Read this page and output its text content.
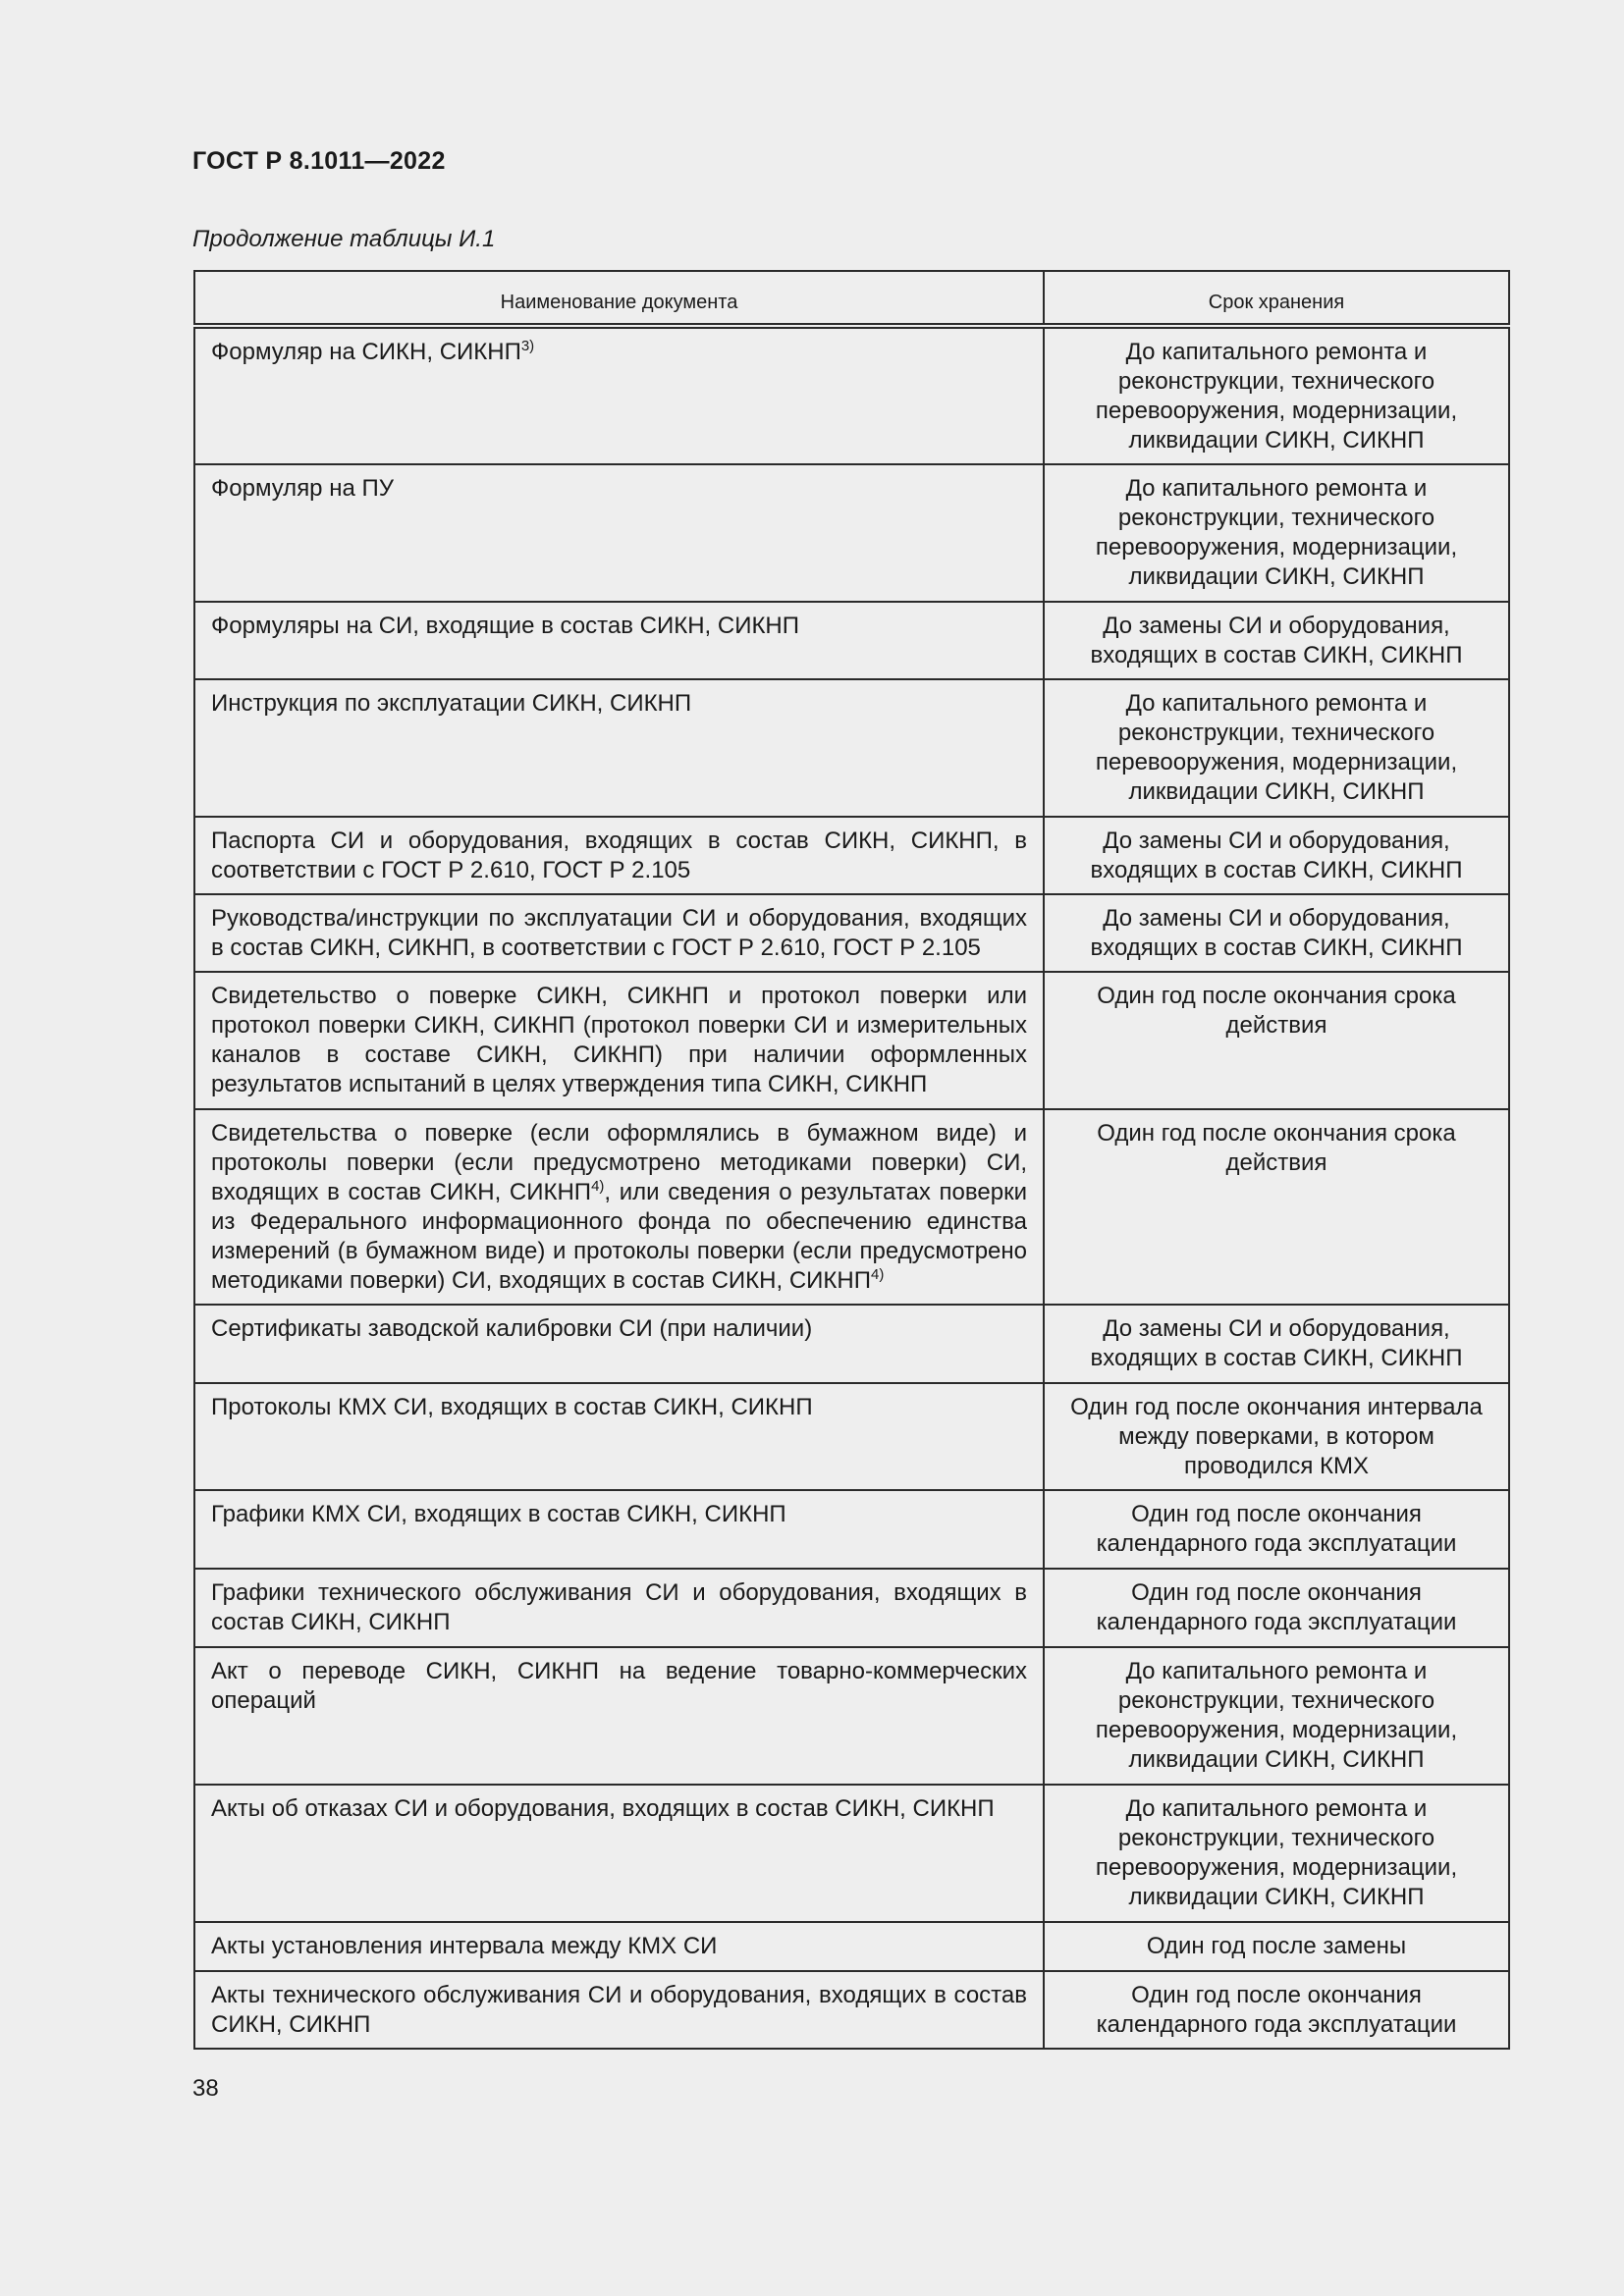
ГОСТ Р 8.1011—2022
Продолжение таблицы И.1
Наименование документа	Срок хранения
Формуляр на СИКН, СИКНП$^{3)}$	До капитального ремонта и реконструкции, технического перевооружения, модернизации, ликвидации СИКН, СИКНП
Формуляр на ПУ	До капитального ремонта и реконструкции, технического перевооружения, модернизации, ликвидации СИКН, СИКНП
Формуляры на СИ, входящие в состав СИКН, СИКНП	До замены СИ и оборудования, входящих в состав СИКН, СИКНП
Инструкция по эксплуатации СИКН, СИКНП	До капитального ремонта и реконструкции, технического перевооружения, модернизации, ликвидации СИКН, СИКНП
Паспорта СИ и оборудования, входящих в состав СИКН, СИКНП, в соответствии с ГОСТ Р 2.610, ГОСТ Р 2.105	До замены СИ и оборудования, входящих в состав СИКН, СИКНП
Руководства/инструкции по эксплуатации СИ и оборудования, входящих в состав СИКН, СИКНП, в соответствии с ГОСТ Р 2.610, ГОСТ Р 2.105	До замены СИ и оборудования, входящих в состав СИКН, СИКНП
Свидетельство о поверке СИКН, СИКНП и протокол поверки или протокол поверки СИКН, СИКНП (протокол поверки СИ и измерительных каналов в составе СИКН, СИКНП) при наличии оформленных результатов испытаний в целях утверждения типа СИКН, СИКНП	Один год после окончания срока действия
Свидетельства о поверке (если оформлялись в бумажном виде) и протоколы поверки (если предусмотрено методиками поверки) СИ, входящих в состав СИКН, СИКНП$^{4)}$, или сведения о результатах поверки из Федерального информационного фонда по обеспечению единства измерений (в бумажном виде) и протоколы поверки (если предусмотрено методиками поверки) СИ, входящих в состав СИКН, СИКНП$^{4)}$	Один год после окончания срока действия
Сертификаты заводской калибровки СИ (при наличии)	До замены СИ и оборудования, входящих в состав СИКН, СИКНП
Протоколы КМХ СИ, входящих в состав СИКН, СИКНП	Один год после окончания интервала между поверками, в котором проводился КМХ
Графики КМХ СИ, входящих в состав СИКН, СИКНП	Один год после окончания календарного года эксплуатации
Графики технического обслуживания СИ и оборудования, входящих в состав СИКН, СИКНП	Один год после окончания календарного года эксплуатации
Акт о переводе СИКН, СИКНП на ведение товарно-коммерческих операций	До капитального ремонта и реконструкции, технического перевооружения, модернизации, ликвидации СИКН, СИКНП
Акты об отказах СИ и оборудования, входящих в состав СИКН, СИКНП	До капитального ремонта и реконструкции, технического перевооружения, модернизации, ликвидации СИКН, СИКНП
Акты установления интервала между КМХ СИ	Один год после замены
Акты технического обслуживания СИ и оборудования, входящих в состав СИКН, СИКНП	Один год после окончания календарного года эксплуатации
38
